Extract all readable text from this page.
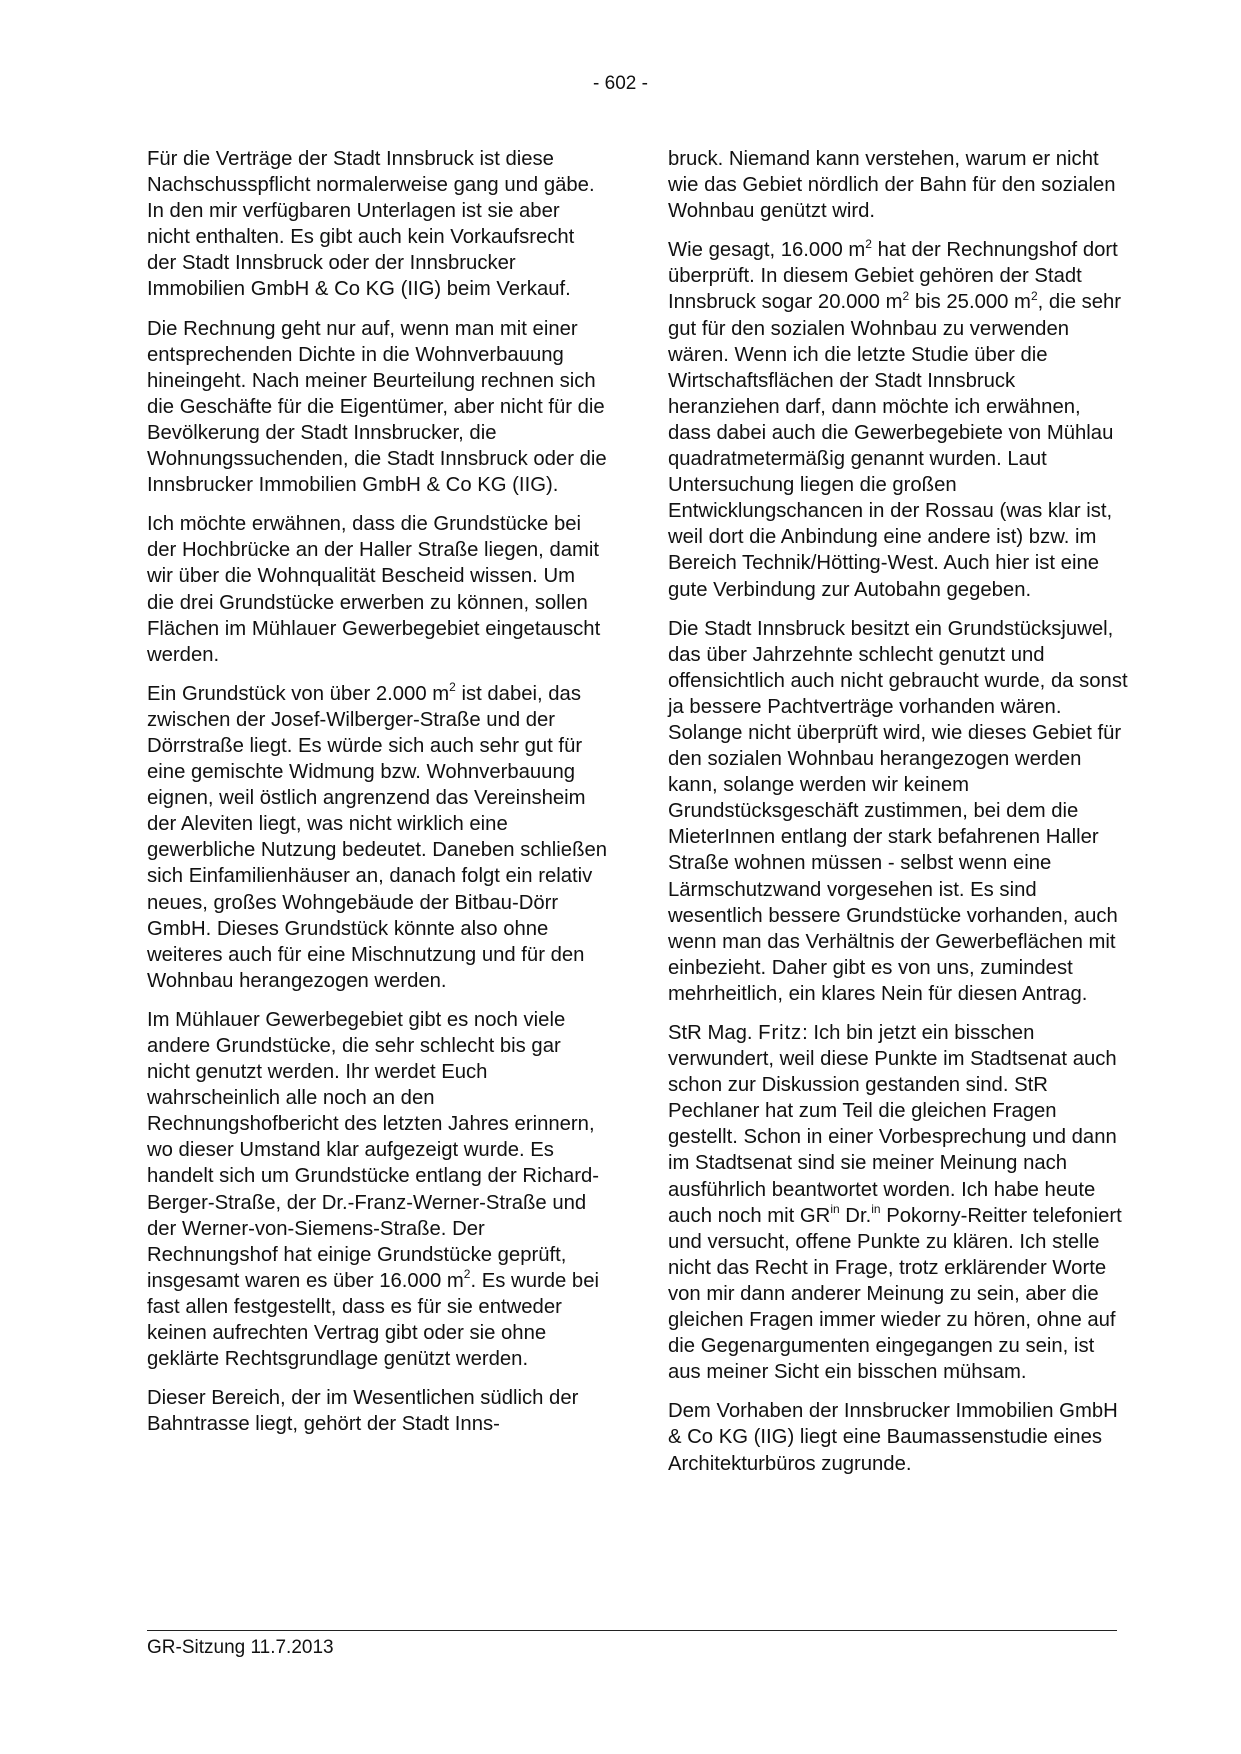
- 602 -

Für die Verträge der Stadt Innsbruck ist diese Nachschusspflicht normalerweise gang und gäbe. In den mir verfügbaren Unterlagen ist sie aber nicht enthalten. Es gibt auch kein Vorkaufsrecht der Stadt Innsbruck oder der Innsbrucker Immobilien GmbH & Co KG (IIG) beim Verkauf.

Die Rechnung geht nur auf, wenn man mit einer entsprechenden Dichte in die Wohnverbauung hineingeht. Nach meiner Beurteilung rechnen sich die Geschäfte für die Eigentümer, aber nicht für die Bevölkerung der Stadt Innsbrucker, die Wohnungssuchenden, die Stadt Innsbruck oder die Innsbrucker Immobilien GmbH & Co KG (IIG).

Ich möchte erwähnen, dass die Grundstücke bei der Hochbrücke an der Haller Straße liegen, damit wir über die Wohnqualität Bescheid wissen. Um die drei Grundstücke erwerben zu können, sollen Flächen im Mühlauer Gewerbegebiet eingetauscht werden.

Ein Grundstück von über 2.000 $m^2$ ist dabei, das zwischen der Josef-Wilberger-Straße und der Dörrstraße liegt. Es würde sich auch sehr gut für eine gemischte Widmung bzw. Wohnverbauung eignen, weil östlich angrenzend das Vereinsheim der Aleviten liegt, was nicht wirklich eine gewerbliche Nutzung bedeutet. Daneben schließen sich Einfamilienhäuser an, danach folgt ein relativ neues, großes Wohngebäude der Bitbau-Dörr GmbH. Dieses Grundstück könnte also ohne weiteres auch für eine Mischnutzung und für den Wohnbau herangezogen werden.

Im Mühlauer Gewerbegebiet gibt es noch viele andere Grundstücke, die sehr schlecht bis gar nicht genutzt werden. Ihr werdet Euch wahrscheinlich alle noch an den Rechnungshofbericht des letzten Jahres erinnern, wo dieser Umstand klar aufgezeigt wurde. Es handelt sich um Grundstücke entlang der Richard-Berger-Straße, der Dr.-Franz-Werner-Straße und der Werner-von-Siemens-Straße. Der Rechnungshof hat einige Grundstücke geprüft, insgesamt waren es über 16.000 $m^2$. Es wurde bei fast allen festgestellt, dass es für sie entweder keinen aufrechten Vertrag gibt oder sie ohne geklärte Rechtsgrundlage genützt werden.

Dieser Bereich, der im Wesentlichen südlich der Bahntrasse liegt, gehört der Stadt Inns-

bruck. Niemand kann verstehen, warum er nicht wie das Gebiet nördlich der Bahn für den sozialen Wohnbau genützt wird.

Wie gesagt, 16.000 $m^2$ hat der Rechnungshof dort überprüft. In diesem Gebiet gehören der Stadt Innsbruck sogar 20.000 $m^2$ bis 25.000 $m^2$, die sehr gut für den sozialen Wohnbau zu verwenden wären. Wenn ich die letzte Studie über die Wirtschaftsflächen der Stadt Innsbruck heranziehen darf, dann möchte ich erwähnen, dass dabei auch die Gewerbegebiete von Mühlau quadratmetermäßig genannt wurden. Laut Untersuchung liegen die großen Entwicklungschancen in der Rossau (was klar ist, weil dort die Anbindung eine andere ist) bzw. im Bereich Technik/Hötting-West. Auch hier ist eine gute Verbindung zur Autobahn gegeben.

Die Stadt Innsbruck besitzt ein Grundstücksjuwel, das über Jahrzehnte schlecht genutzt und offensichtlich auch nicht gebraucht wurde, da sonst ja bessere Pachtverträge vorhanden wären. Solange nicht überprüft wird, wie dieses Gebiet für den sozialen Wohnbau herangezogen werden kann, solange werden wir keinem Grundstücksgeschäft zustimmen, bei dem die MieterInnen entlang der stark befahrenen Haller Straße wohnen müssen - selbst wenn eine Lärmschutzwand vorgesehen ist. Es sind wesentlich bessere Grundstücke vorhanden, auch wenn man das Verhältnis der Gewerbeflächen mit einbezieht. Daher gibt es von uns, zumindest mehrheitlich, ein klares Nein für diesen Antrag.

StR Mag. Fritz: Ich bin jetzt ein bisschen verwundert, weil diese Punkte im Stadtsenat auch schon zur Diskussion gestanden sind. StR Pechlaner hat zum Teil die gleichen Fragen gestellt. Schon in einer Vorbesprechung und dann im Stadtsenat sind sie meiner Meinung nach ausführlich beantwortet worden. Ich habe heute auch noch mit $GR^{in}$ Dr.$^{in}$ Pokorny-Reitter telefoniert und versucht, offene Punkte zu klären. Ich stelle nicht das Recht in Frage, trotz erklärender Worte von mir dann anderer Meinung zu sein, aber die gleichen Fragen immer wieder zu hören, ohne auf die Gegenargumenten eingegangen zu sein, ist aus meiner Sicht ein bisschen mühsam.

Dem Vorhaben der Innsbrucker Immobilien GmbH & Co KG (IIG) liegt eine Baumassenstudie eines Architekturbüros zugrunde.

GR-Sitzung 11.7.2013
